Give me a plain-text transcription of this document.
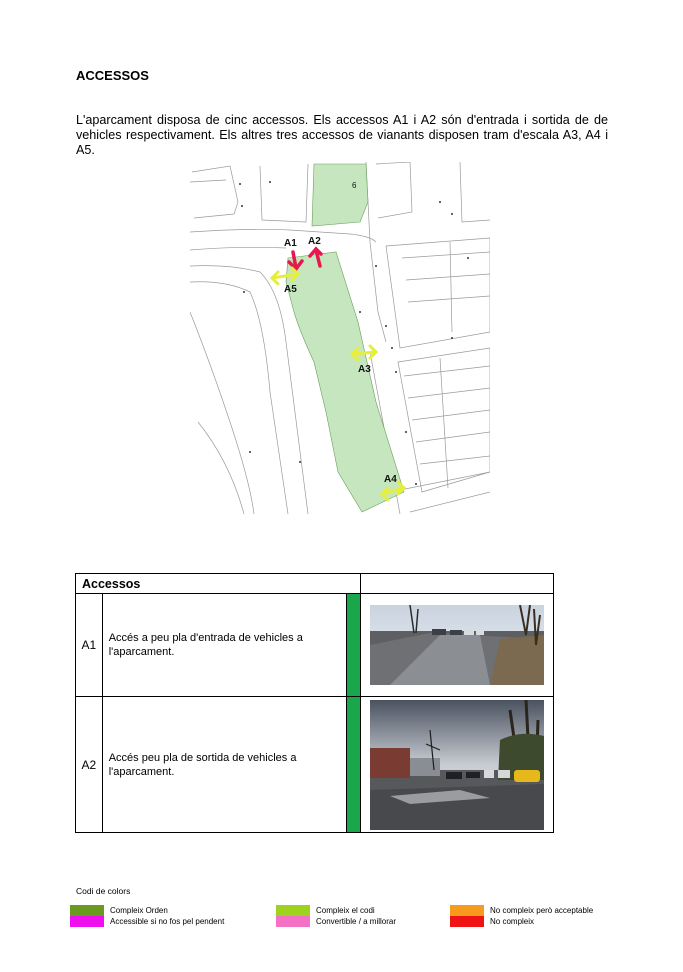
ACCESSOS
L'aparcament disposa de cinc accessos. Els accessos A1 i A2 són d'entrada i sortida de de vehicles respectivament. Els altres tres accessos de vianants disposen tram d'escala A3, A4 i A5.
A1 A2
A5
A3
A4
6
Accessos			
A1	Accés a peu pla d'entrada de vehicles a l'aparcament.		

A2	Accés peu pla de sortida de vehicles a l'aparcament.		
Codi de colors
Compleix Orden
Accessible si no fos pel pendent
Compleix el codi
Convertible / a millorar
No compleix però acceptable
No compleix
